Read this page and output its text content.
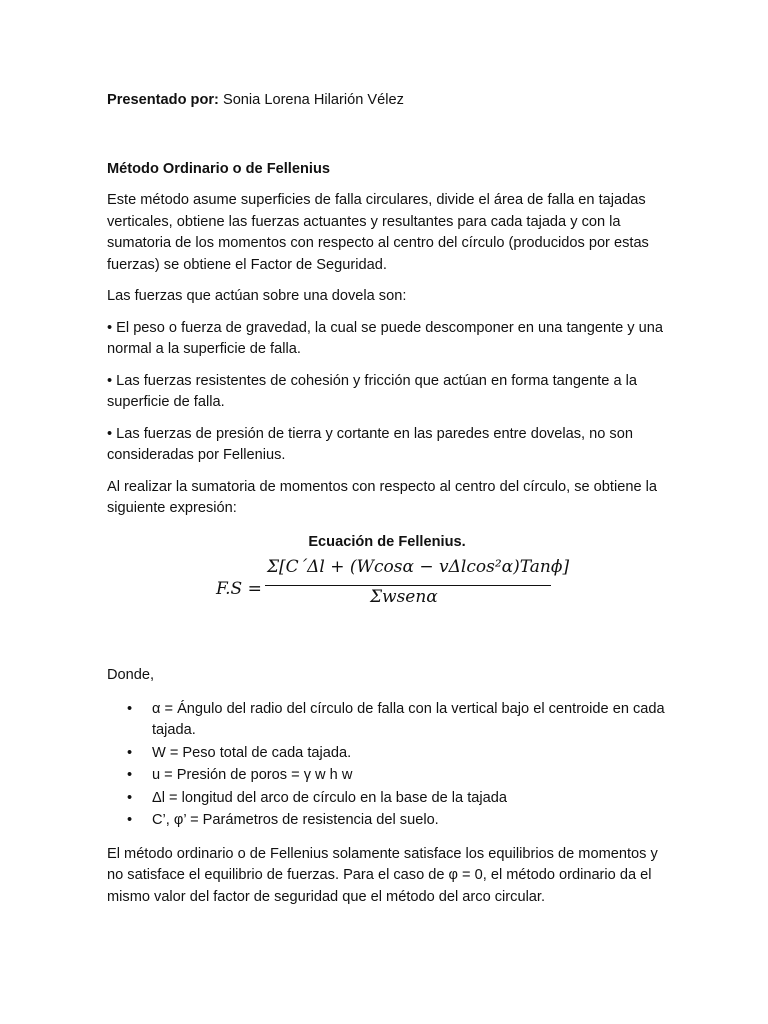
Presentado por: Sonia Lorena Hilarión Vélez

Método Ordinario o de Fellenius

Este método asume superficies de falla circulares, divide el área de falla en tajadas verticales, obtiene las fuerzas actuantes y resultantes para cada tajada y con la sumatoria de los momentos con respecto al centro del círculo (producidos por estas fuerzas) se obtiene el Factor de Seguridad.

Las fuerzas que actúan sobre una dovela son:

• El peso o fuerza de gravedad, la cual se puede descomponer en una tangente y una normal a la superficie de falla.

• Las fuerzas resistentes de cohesión y fricción que actúan en forma tangente a la superficie de falla.

• Las fuerzas de presión de tierra y cortante en las paredes entre dovelas, no son consideradas por Fellenius.

Al realizar la sumatoria de momentos con respecto al centro del círculo, se obtiene la siguiente expresión:

Ecuación de Fellenius.

F.S =
Σ[C΄Δl + (Wcosα − vΔlcos²α)Tanϕ]
Σwsenα

Donde,

• α = Ángulo del radio del círculo de falla con la vertical bajo el centroide en cada tajada.
• W = Peso total de cada tajada.
• u = Presión de poros = γ w h w
• Δl = longitud del arco de círculo en la base de la tajada
• C’, φ’ = Parámetros de resistencia del suelo.

El método ordinario o de Fellenius solamente satisface los equilibrios de momentos y no satisface el equilibrio de fuerzas. Para el caso de φ = 0, el método ordinario da el mismo valor del factor de seguridad que el método del arco circular.
